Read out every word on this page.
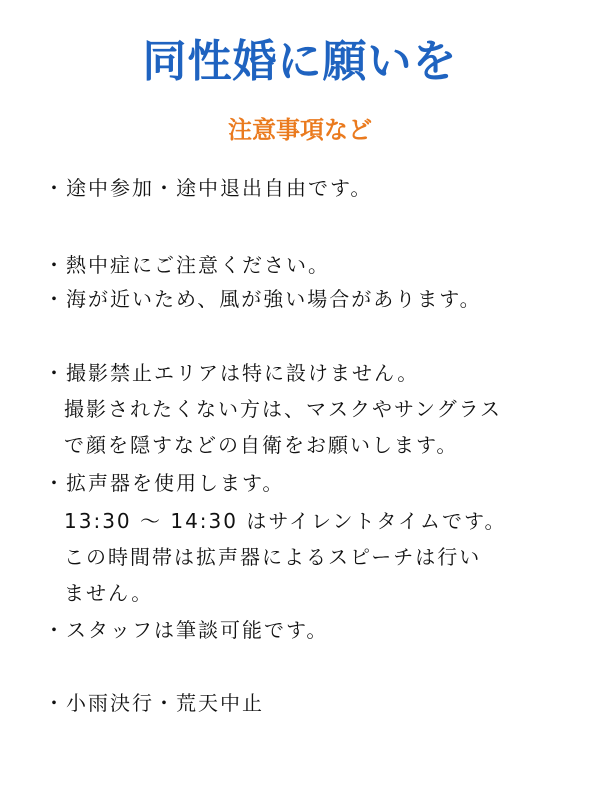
同性婚に願いを
注意事項など
・途中参加・途中退出自由です。
・熱中症にご注意ください。
・海が近いため、風が強い場合があります。
・撮影禁止エリアは特に設けません。
撮影されたくない方は、マスクやサングラス
で顔を隠すなどの自衛をお願いします。
・拡声器を使用します。
13:30 ～ 14:30 はサイレントタイムです。
この時間帯は拡声器によるスピーチは行い
ません。
・スタッフは筆談可能です。
・小雨決行・荒天中止
